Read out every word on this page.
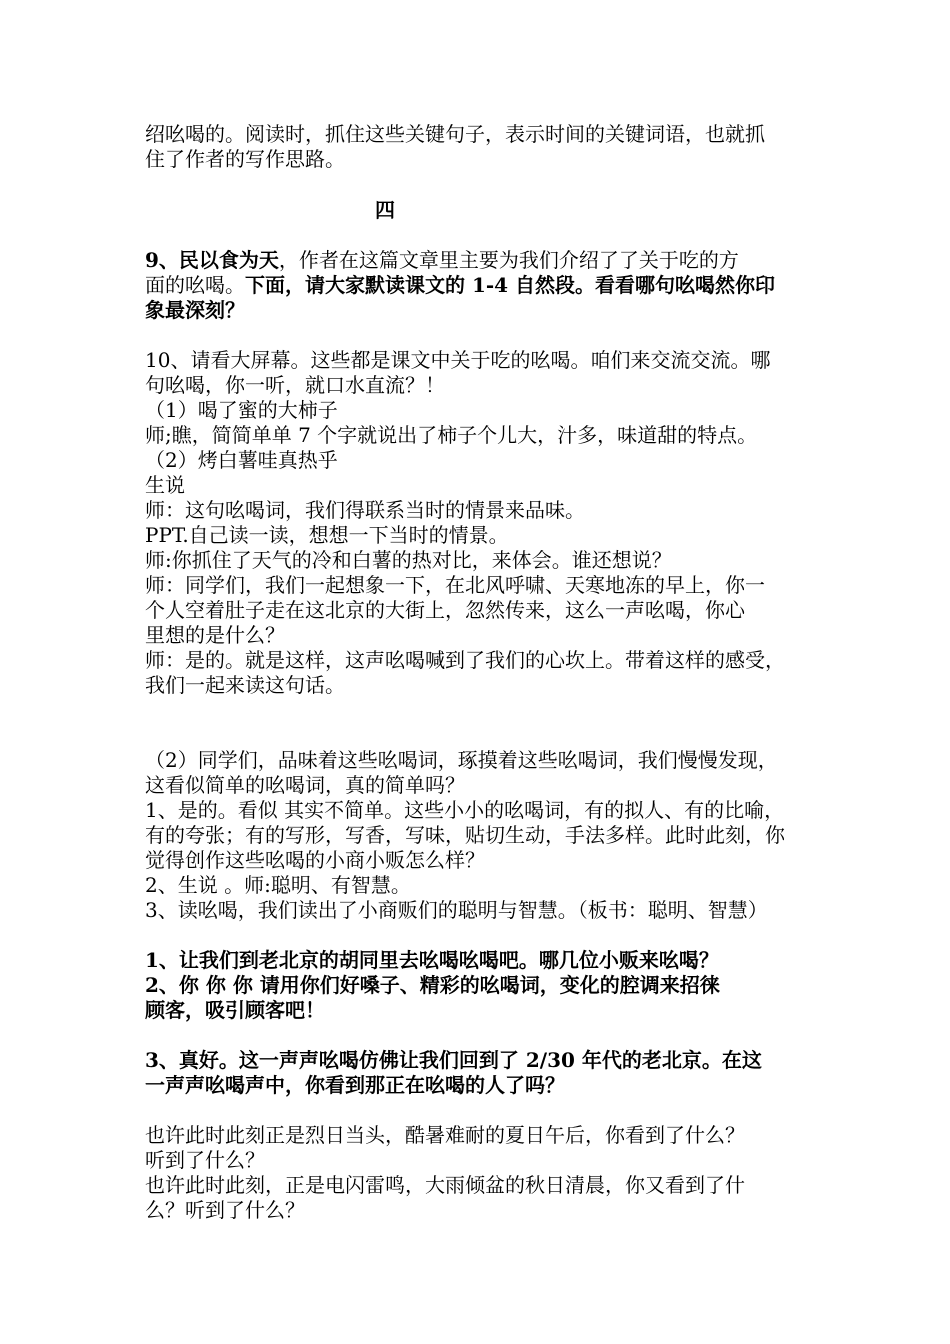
绍吆喝的。阅读时，抓住这些关键句子，表示时间的关键词语，也就抓
住了作者的写作思路。
四
9、民以食为天，作者在这篇文章里主要为我们介绍了了关于吃的方
面的吆喝。下面，请大家默读课文的 1-4 自然段。看看哪句吆喝然你印
象最深刻？
10、请看大屏幕。这些都是课文中关于吃的吆喝。咱们来交流交流。哪
句吆喝，你一听，就口水直流？！
（1）喝了蜜的大柿子
师;瞧，简简单单 7 个字就说出了柿子个儿大，汁多，味道甜的特点。
（2）烤白薯哇真热乎
生说
师：这句吆喝词，我们得联系当时的情景来品味。
PPT.自己读一读，想想一下当时的情景。
师:你抓住了天气的冷和白薯的热对比，来体会。谁还想说？
师：同学们，我们一起想象一下，在北风呼啸、天寒地冻的早上，你一
个人空着肚子走在这北京的大街上，忽然传来，这么一声吆喝，你心
里想的是什么？
师：是的。就是这样，这声吆喝喊到了我们的心坎上。带着这样的感受，
我们一起来读这句话。
（2）同学们，品味着这些吆喝词，琢摸着这些吆喝词，我们慢慢发现，
这看似简单的吆喝词，真的简单吗？
1、是的。看似 其实不简单。这些小小的吆喝词，有的拟人、有的比喻，
有的夸张；有的写形，写香，写味，贴切生动，手法多样。此时此刻，你
觉得创作这些吆喝的小商小贩怎么样？
2、生说 。师:聪明、有智慧。
3、读吆喝，我们读出了小商贩们的聪明与智慧。（板书：聪明、智慧）
1、让我们到老北京的胡同里去吆喝吆喝吧。哪几位小贩来吆喝？
2、你 你 你 请用你们好嗓子、精彩的吆喝词，变化的腔调来招徕
顾客，吸引顾客吧！
3、真好。这一声声吆喝仿佛让我们回到了 2/30 年代的老北京。在这
一声声吆喝声中，你看到那正在吆喝的人了吗？
也许此时此刻正是烈日当头，酷暑难耐的夏日午后，你看到了什么？
听到了什么？
也许此时此刻，正是电闪雷鸣，大雨倾盆的秋日清晨，你又看到了什
么？听到了什么？
